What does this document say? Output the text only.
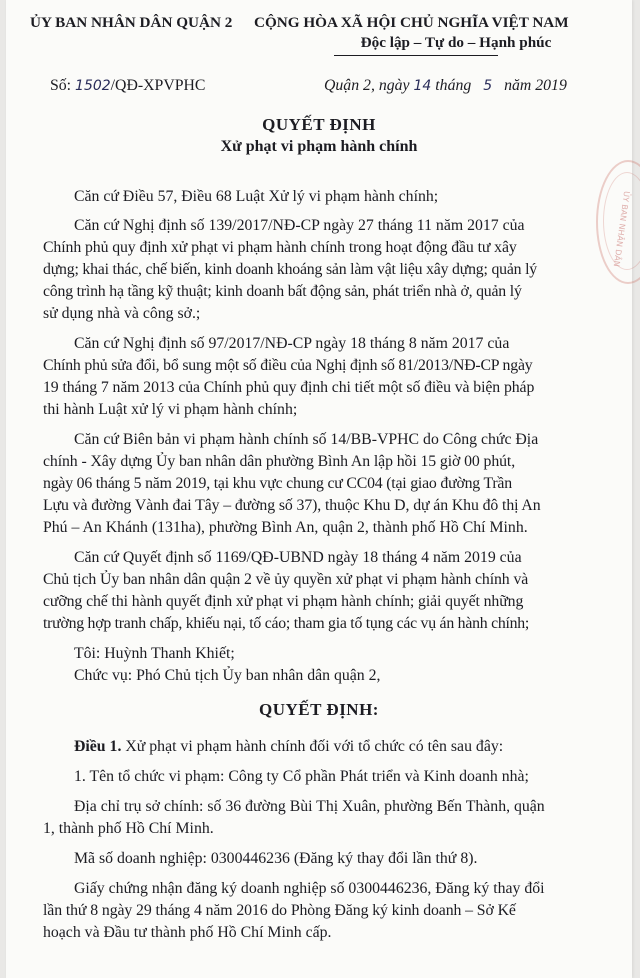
ỦY BAN NHÂN DÂN QUẬN 2 CỘNG HÒA XÃ HỘI CHỦ NGHĨA VIỆT NAM
Độc lập – Tự do – Hạnh phúc
Số: 1502/QĐ-XPVPHC	Quận 2, ngày 14 tháng 5 năm 2019
QUYẾT ĐỊNH
Xử phạt vi phạm hành chính
ỦY BAN NHÂN DÂN
Căn cứ Điều 57, Điều 68 Luật Xử lý vi phạm hành chính;
Căn cứ Nghị định số 139/2017/NĐ-CP ngày 27 tháng 11 năm 2017 của
Chính phủ quy định xử phạt vi phạm hành chính trong hoạt động đầu tư xây
dựng; khai thác, chế biến, kinh doanh khoáng sản làm vật liệu xây dựng; quản lý
công trình hạ tầng kỹ thuật; kinh doanh bất động sản, phát triển nhà ở, quản lý
sử dụng nhà và công sở.;
Căn cứ Nghị định số 97/2017/NĐ-CP ngày 18 tháng 8 năm 2017 của
Chính phủ sửa đổi, bổ sung một số điều của Nghị định số 81/2013/NĐ-CP ngày
19 tháng 7 năm 2013 của Chính phủ quy định chi tiết một số điều và biện pháp
thi hành Luật xử lý vi phạm hành chính;
Căn cứ Biên bản vi phạm hành chính số 14/BB-VPHC do Công chức Địa
chính - Xây dựng Ủy ban nhân dân phường Bình An lập hồi 15 giờ 00 phút,
ngày 06 tháng 5 năm 2019, tại khu vực chung cư CC04 (tại giao đường Trần
Lựu và đường Vành đai Tây – đường số 37), thuộc Khu D, dự án Khu đô thị An
Phú – An Khánh (131ha), phường Bình An, quận 2, thành phố Hồ Chí Minh.
Căn cứ Quyết định số 1169/QĐ-UBND ngày 18 tháng 4 năm 2019 của
Chủ tịch Ủy ban nhân dân quận 2 về ủy quyền xử phạt vi phạm hành chính và
cưỡng chế thi hành quyết định xử phạt vi phạm hành chính; giải quyết những
trường hợp tranh chấp, khiếu nại, tố cáo; tham gia tố tụng các vụ án hành chính;
Tôi: Huỳnh Thanh Khiết;
Chức vụ: Phó Chủ tịch Ủy ban nhân dân quận 2,
QUYẾT ĐỊNH:
Điều 1. Xử phạt vi phạm hành chính đối với tổ chức có tên sau đây:
1. Tên tổ chức vi phạm: Công ty Cổ phần Phát triển và Kinh doanh nhà;
Địa chỉ trụ sở chính: số 36 đường Bùi Thị Xuân, phường Bến Thành, quận
1, thành phố Hồ Chí Minh.
Mã số doanh nghiệp: 0300446236 (Đăng ký thay đổi lần thứ 8).
Giấy chứng nhận đăng ký doanh nghiệp số 0300446236, Đăng ký thay đổi
lần thứ 8 ngày 29 tháng 4 năm 2016 do Phòng Đăng ký kinh doanh – Sở Kế
hoạch và Đầu tư thành phố Hồ Chí Minh cấp.
